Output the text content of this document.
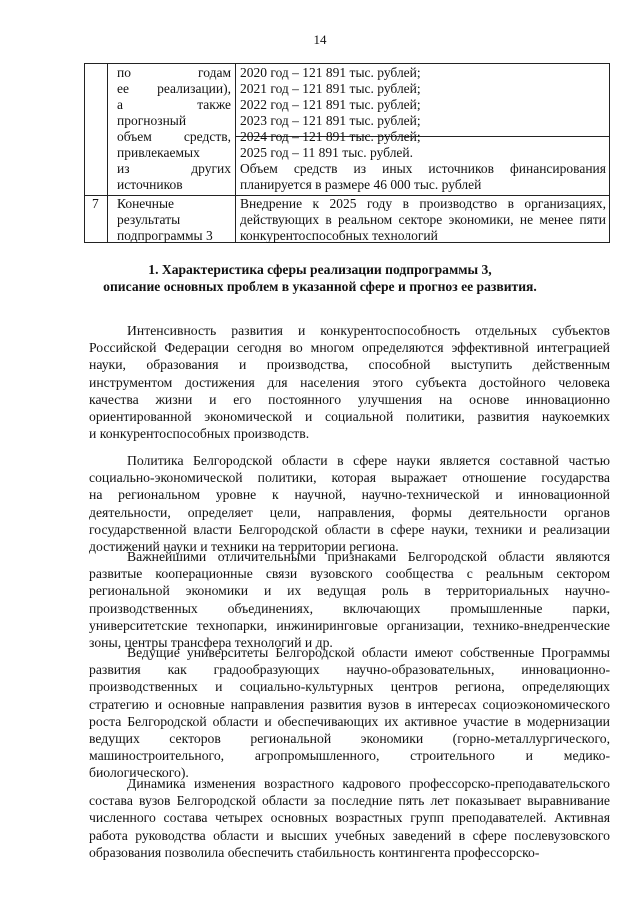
14
по годам
ее реализации),
а также
прогнозный
объем средств,
привлекаемых
из других
источников
2020 год – 121 891 тыс. рублей;
2021 год – 121 891 тыс. рублей;
2022 год – 121 891 тыс. рублей;
2023 год – 121 891 тыс. рублей;
2024 год – 121 891 тыс. рублей;
2025 год – 11 891 тыс. рублей.
Объем средств из иных источников финансирования
планируется в размере 46 000 тыс. рублей
7 Конечные
результаты
подпрограммы 3
Внедрение к 2025 году в производство в организациях,
действующих в реальном секторе экономики, не менее пяти
конкурентоспособных технологий
1. Характеристика сферы реализации подпрограммы 3,
описание основных проблем в указанной сфере и прогноз ее развития.
Интенсивность развития и конкурентоспособность отдельных субъектов
Российской Федерации сегодня во многом определяются эффективной интеграцией
науки, образования и производства, способной выступить действенным
инструментом достижения для населения этого субъекта достойного человека
качества жизни и его постоянного улучшения на основе инновационно
ориентированной экономической и социальной политики, развития наукоемких
и конкурентоспособных производств.
Политика Белгородской области в сфере науки является составной частью
социально-экономической политики, которая выражает отношение государства
на региональном уровне к научной, научно-технической и инновационной
деятельности, определяет цели, направления, формы деятельности органов
государственной власти Белгородской области в сфере науки, техники и реализации
достижений науки и техники на территории региона.
Важнейшими отличительными признаками Белгородской области являются
развитые кооперационные связи вузовского сообщества с реальным сектором
региональной экономики и их ведущая роль в территориальных научно-
производственных объединениях, включающих промышленные парки,
университетские технопарки, инжиниринговые организации, технико-внедренческие
зоны, центры трансфера технологий и др.
Ведущие университеты Белгородской области имеют собственные Программы
развития как градообразующих научно-образовательных, инновационно-
производственных и социально-культурных центров региона, определяющих
стратегию и основные направления развития вузов в интересах социоэкономического
роста Белгородской области и обеспечивающих их активное участие в модернизации
ведущих секторов региональной экономики (горно-металлургического,
машиностроительного, агропромышленного, строительного и медико-
биологического).
Динамика изменения возрастного кадрового профессорско-преподавательского
состава вузов Белгородской области за последние пять лет показывает выравнивание
численного состава четырех основных возрастных групп преподавателей. Активная
работа руководства области и высших учебных заведений в сфере послевузовского
образования позволила обеспечить стабильность контингента профессорско-
